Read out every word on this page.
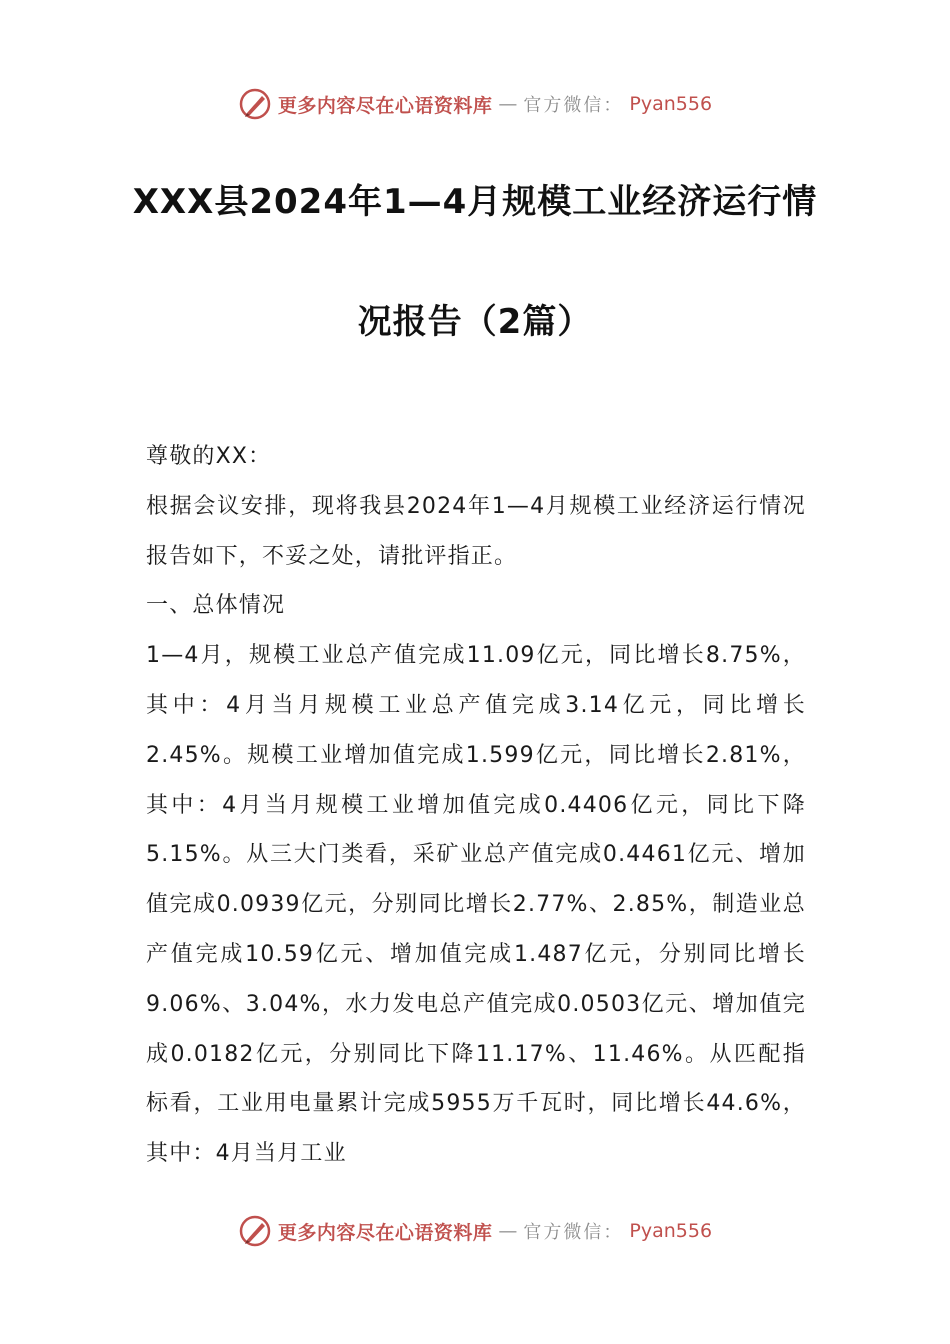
更多内容尽在心语资料库 — 官方微信： Pyan556
XXX县2024年1—4月规模工业经济运行情
况报告（2篇）

尊敬的XX：

根据会议安排，现将我县2024年1—4月规模工业经济运行情况报告如下，不妥之处，请批评指正。

一、总体情况

1—4月，规模工业总产值完成11.09亿元，同比增长8.75%，其中：4月当月规模工业总产值完成3.14亿元，同比增长2.45%。规模工业增加值完成1.599亿元，同比增长2.81%，其中：4月当月规模工业增加值完成0.4406亿元，同比下降5.15%。从三大门类看，采矿业总产值完成0.4461亿元、增加值完成0.0939亿元，分别同比增长2.77%、2.85%，制造业总产值完成10.59亿元、增加值完成1.487亿元，分别同比增长9.06%、3.04%，水力发电总产值完成0.0503亿元、增加值完成0.0182亿元，分别同比下降11.17%、11.46%。从匹配指标看，工业用电量累计完成5955万千瓦时，同比增长44.6%，其中：4月当月工业

更多内容尽在心语资料库 — 官方微信： Pyan556
